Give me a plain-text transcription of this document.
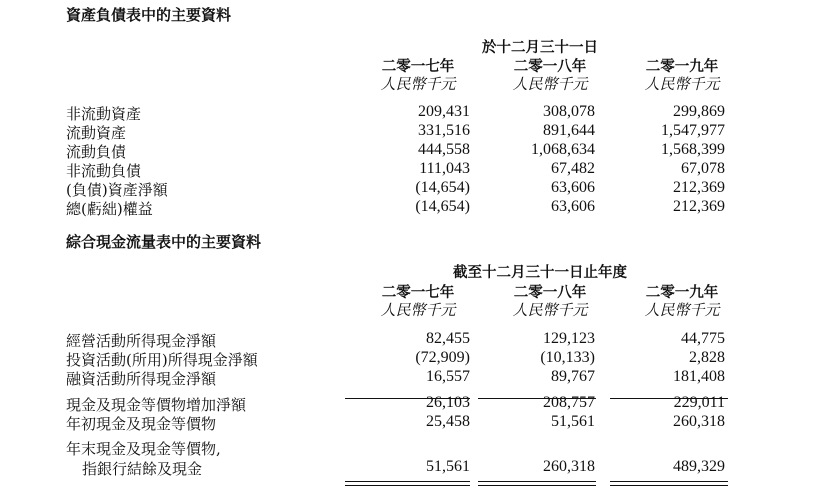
資產負債表中的主要資料
於十二月三十一日
二零一七年	二零一八年	二零一九年
人民幣千元	人民幣千元	人民幣千元
非流動資產	209,431	308,078	299,869
流動資產	331,516	891,644	1,547,977
流動負債	444,558	1,068,634	1,568,399
非流動負債	111,043	67,482	67,078
(負債)資產淨額	(14,654)	63,606	212,369
總(虧絀)權益	(14,654)	63,606	212,369
綜合現金流量表中的主要資料
截至十二月三十一日止年度
二零一七年	二零一八年	二零一九年
人民幣千元	人民幣千元	人民幣千元
經營活動所得現金淨額	82,455	129,123	44,775
投資活動(所用)所得現金淨額	(72,909)	(10,133)	2,828
融資活動所得現金淨額	16,557	89,767	181,408
現金及現金等價物增加淨額	26,103	208,757	229,011
年初現金及現金等價物	25,458	51,561	260,318
年末現金及現金等價物,
指銀行結餘及現金	51,561	260,318	489,329
